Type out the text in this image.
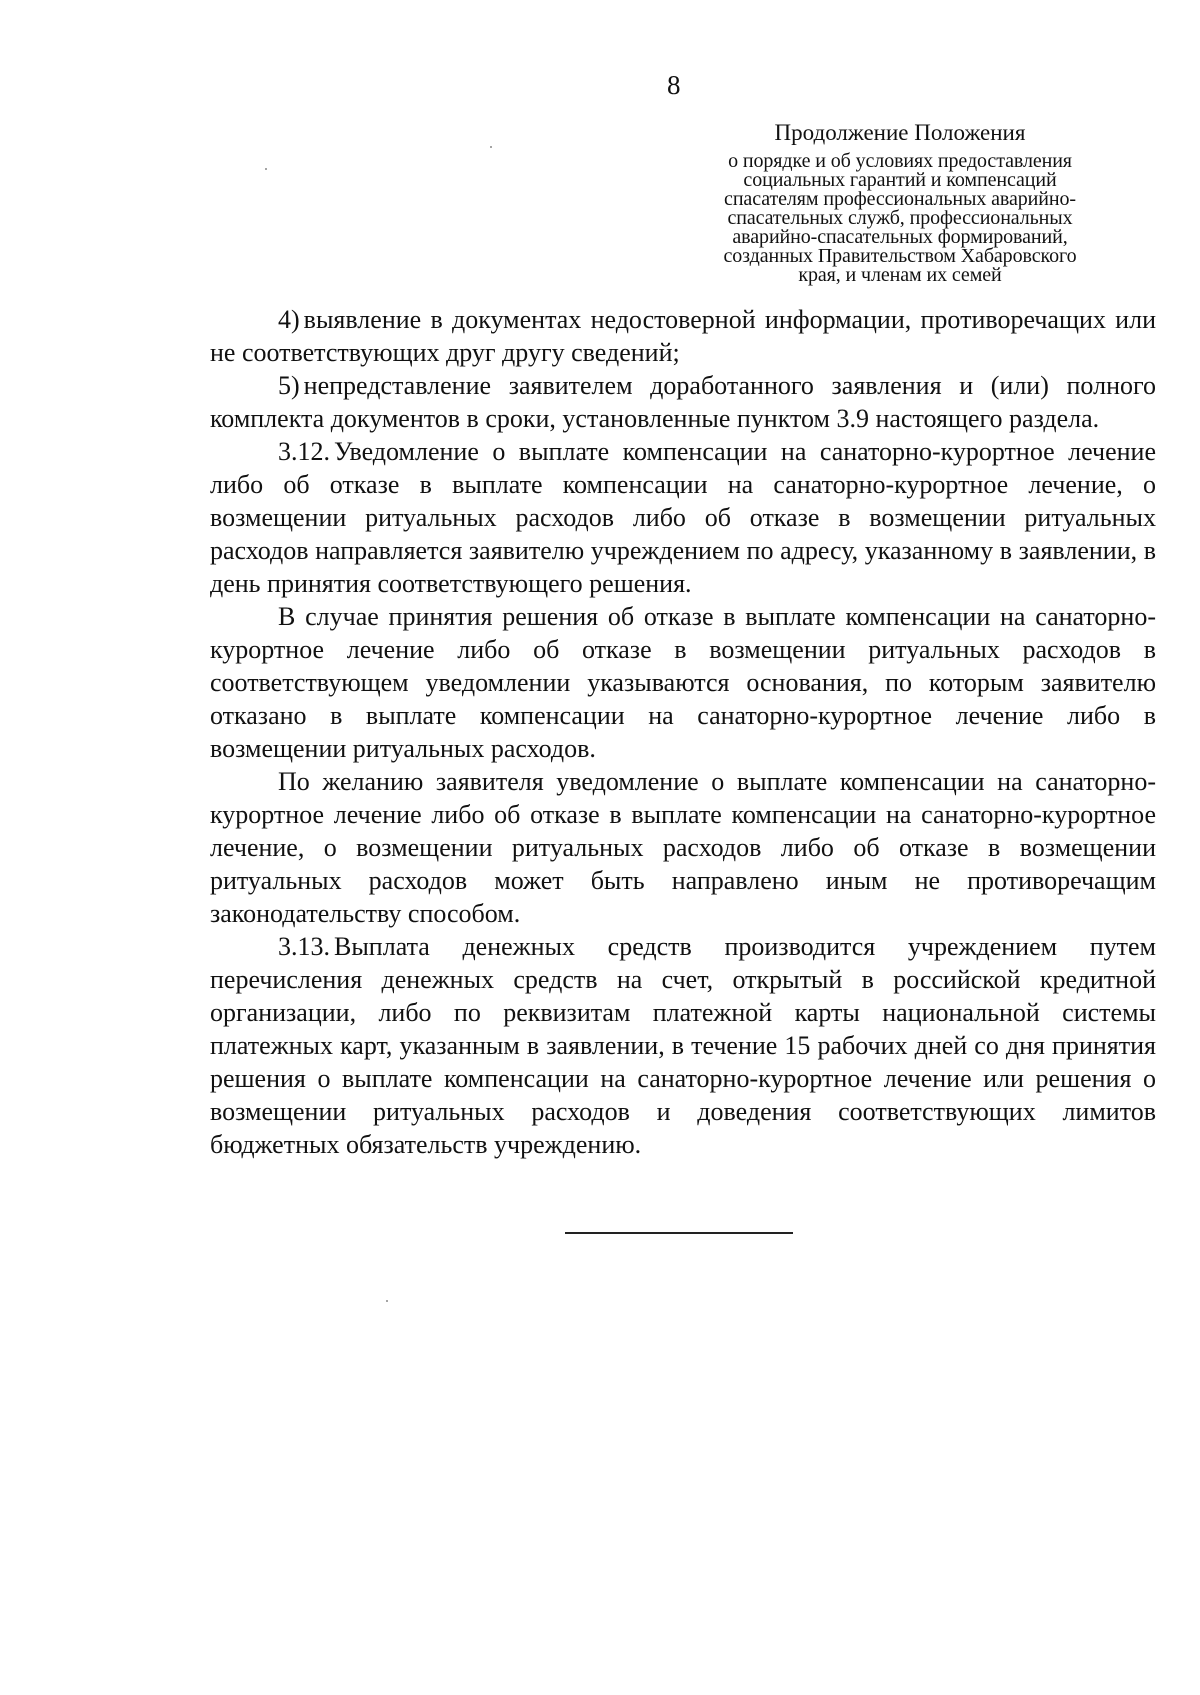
8

Продолжение Положения

о порядке и об условиях предоставления

социальных гарантий и компенсаций

спасателям профессиональных аварийно-

спасательных служб, профессиональных

аварийно-спасательных формирований,

созданных Правительством Хабаровского

края, и членам их семей

4) выявление в документах недостоверной информации, противоречащих или не соответствующих друг другу сведений;

5) непредставление заявителем доработанного заявления и (или) полного комплекта документов в сроки, установленные пунктом 3.9 настоящего раздела.

3.12. Уведомление о выплате компенсации на санаторно-курортное лечение либо об отказе в выплате компенсации на санаторно-курортное лечение, о возмещении ритуальных расходов либо об отказе в возмещении ритуальных расходов направляется заявителю учреждением по адресу, указанному в заявлении, в день принятия соответствующего решения.

В случае принятия решения об отказе в выплате компенсации на санаторно-курортное лечение либо об отказе в возмещении ритуальных расходов в соответствующем уведомлении указываются основания, по которым заявителю отказано в выплате компенсации на санаторно-курортное лечение либо в возмещении ритуальных расходов.

По желанию заявителя уведомление о выплате компенсации на санаторно-курортное лечение либо об отказе в выплате компенсации на санаторно-курортное лечение, о возмещении ритуальных расходов либо об отказе в возмещении ритуальных расходов может быть направлено иным не противоречащим законодательству способом.

3.13. Выплата денежных средств производится учреждением путем перечисления денежных средств на счет, открытый в российской кредитной организации, либо по реквизитам платежной карты национальной системы платежных карт, указанным в заявлении, в течение 15 рабочих дней со дня принятия решения о выплате компенсации на санаторно-курортное лечение или решения о возмещении ритуальных расходов и доведения соответствующих лимитов бюджетных обязательств учреждению.
